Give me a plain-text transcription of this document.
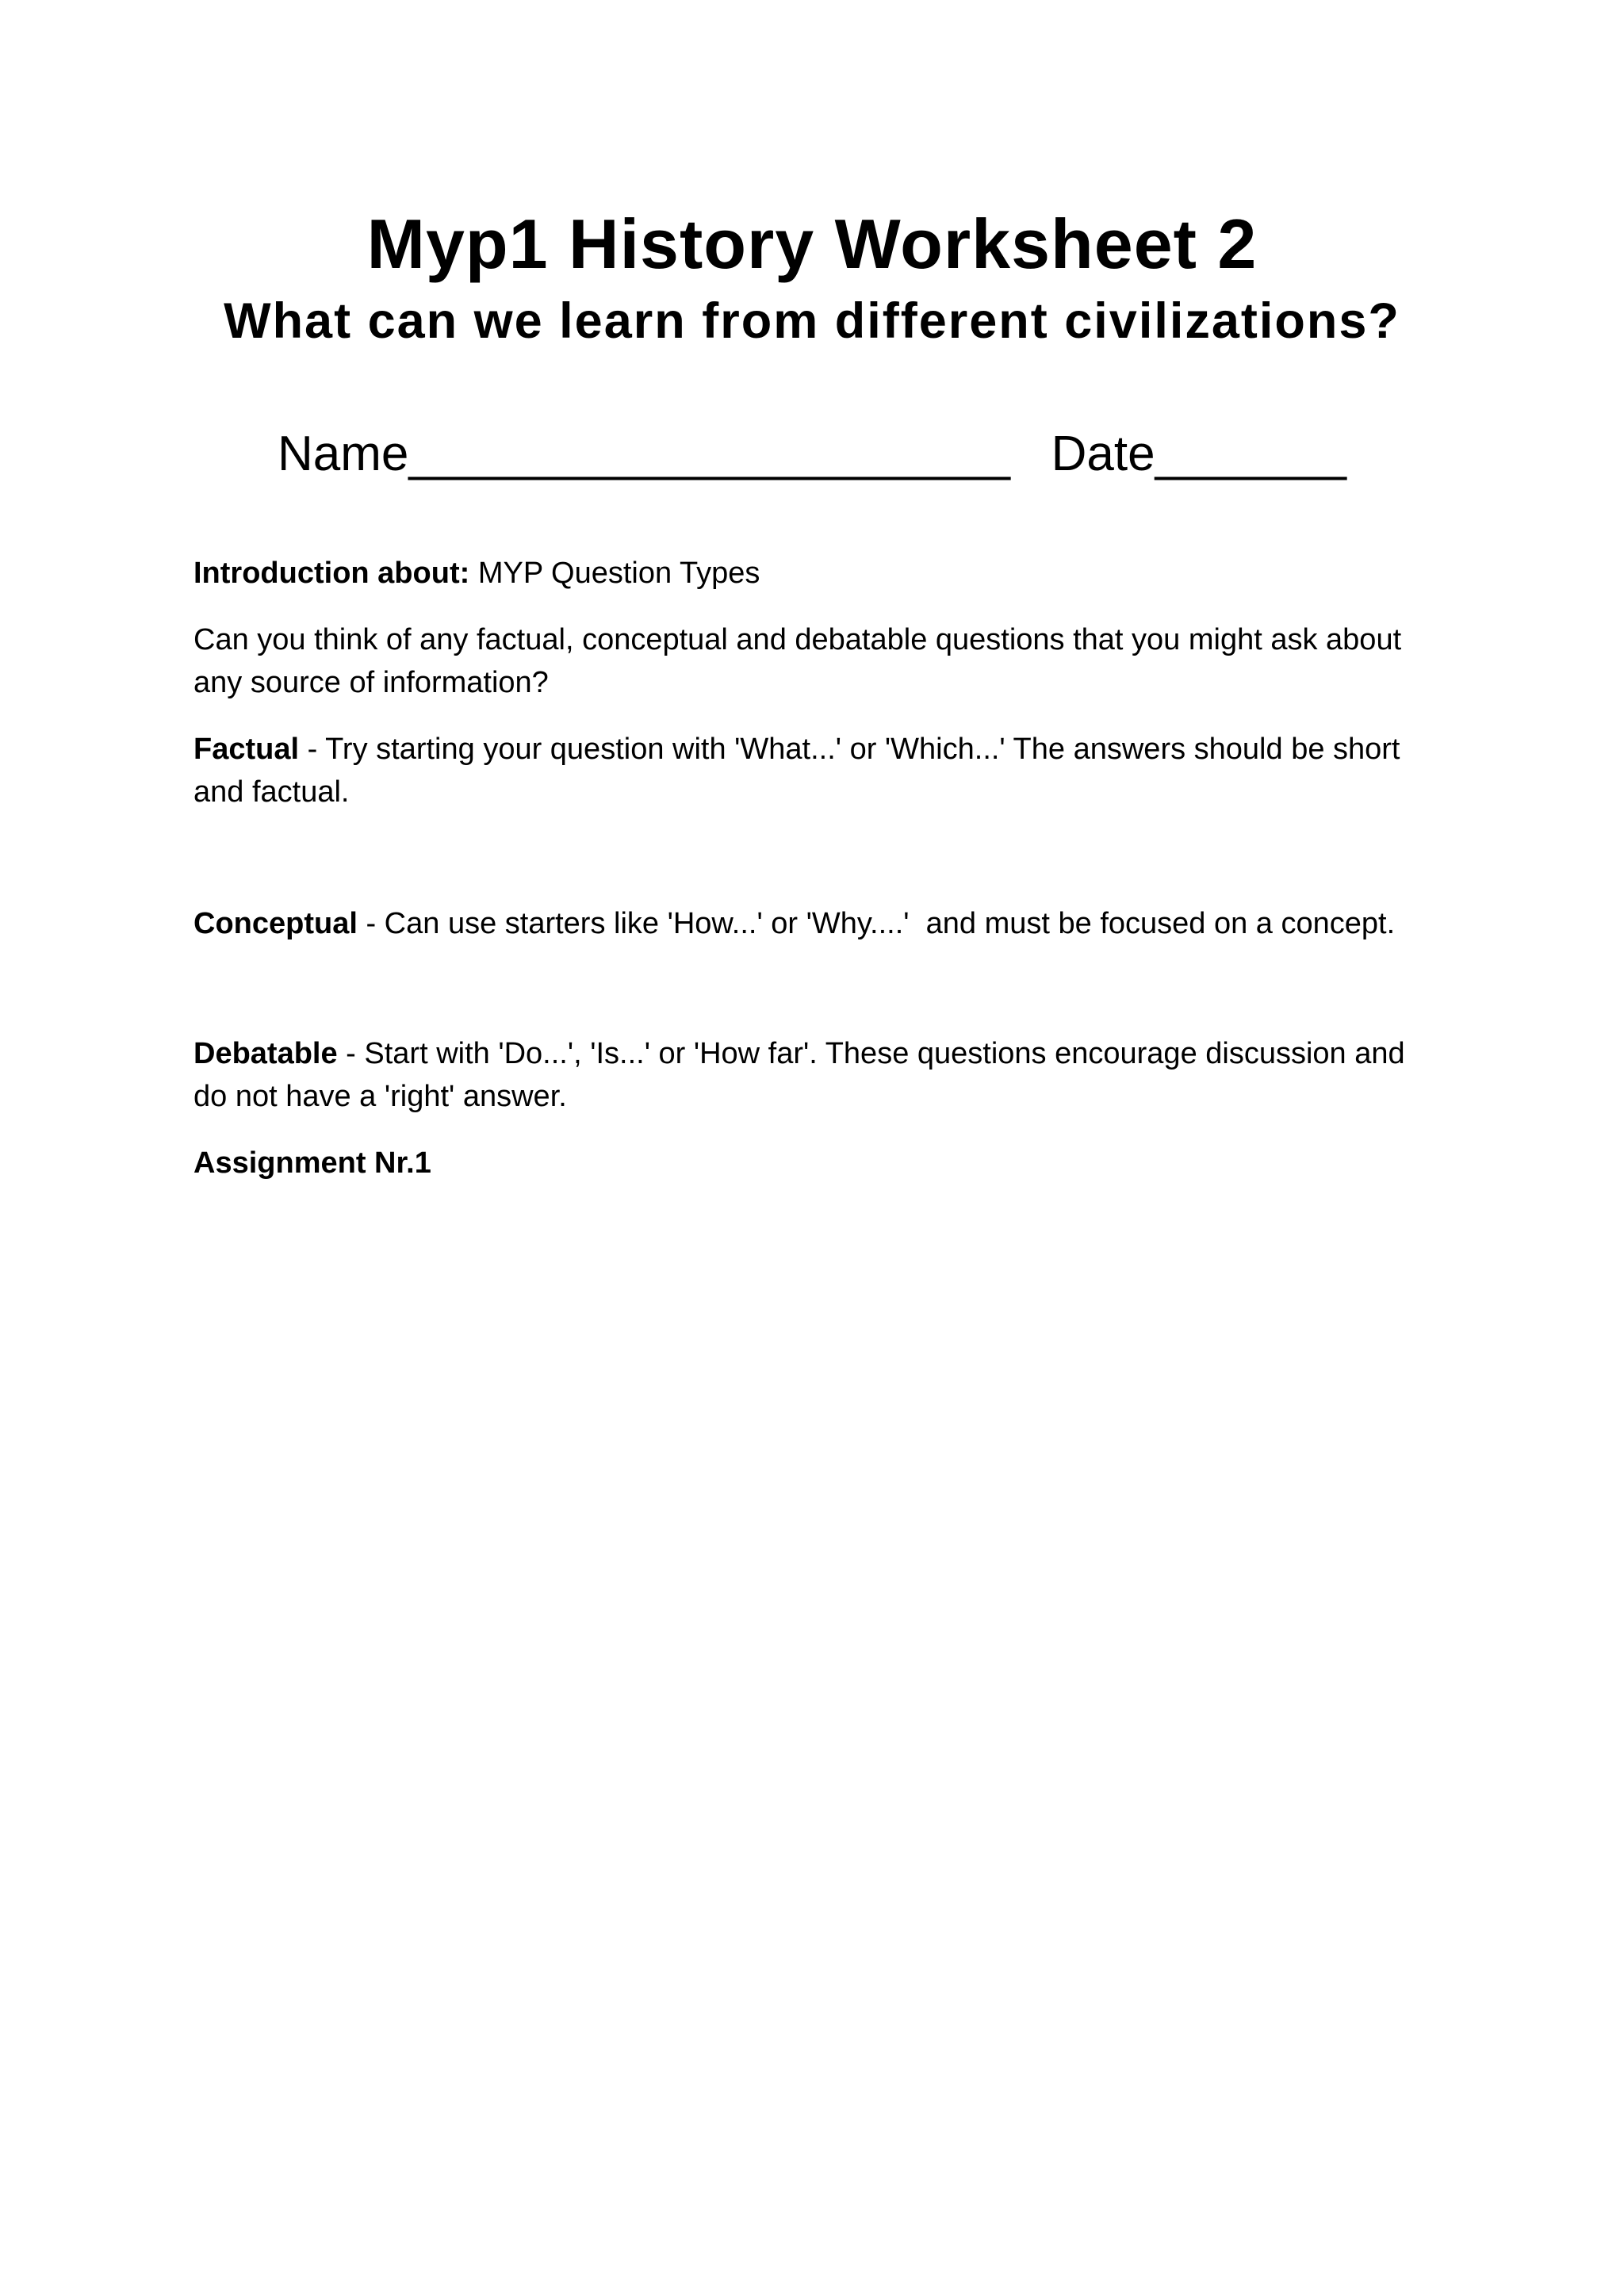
Myp1 History Worksheet 2
What can we learn from different civilizations?
Name______________________ Date_______

Introduction about: MYP Question Types

Can you think of any factual, conceptual and debatable questions that you might ask about any source of information?

Factual - Try starting your question with 'What...' or 'Which...' The answers should be short and factual.

Conceptual - Can use starters like 'How...' or 'Why....'  and must be focused on a concept.

Debatable - Start with 'Do...', 'Is...' or 'How far'. These questions encourage discussion and do not have a 'right' answer.

Assignment Nr.1
